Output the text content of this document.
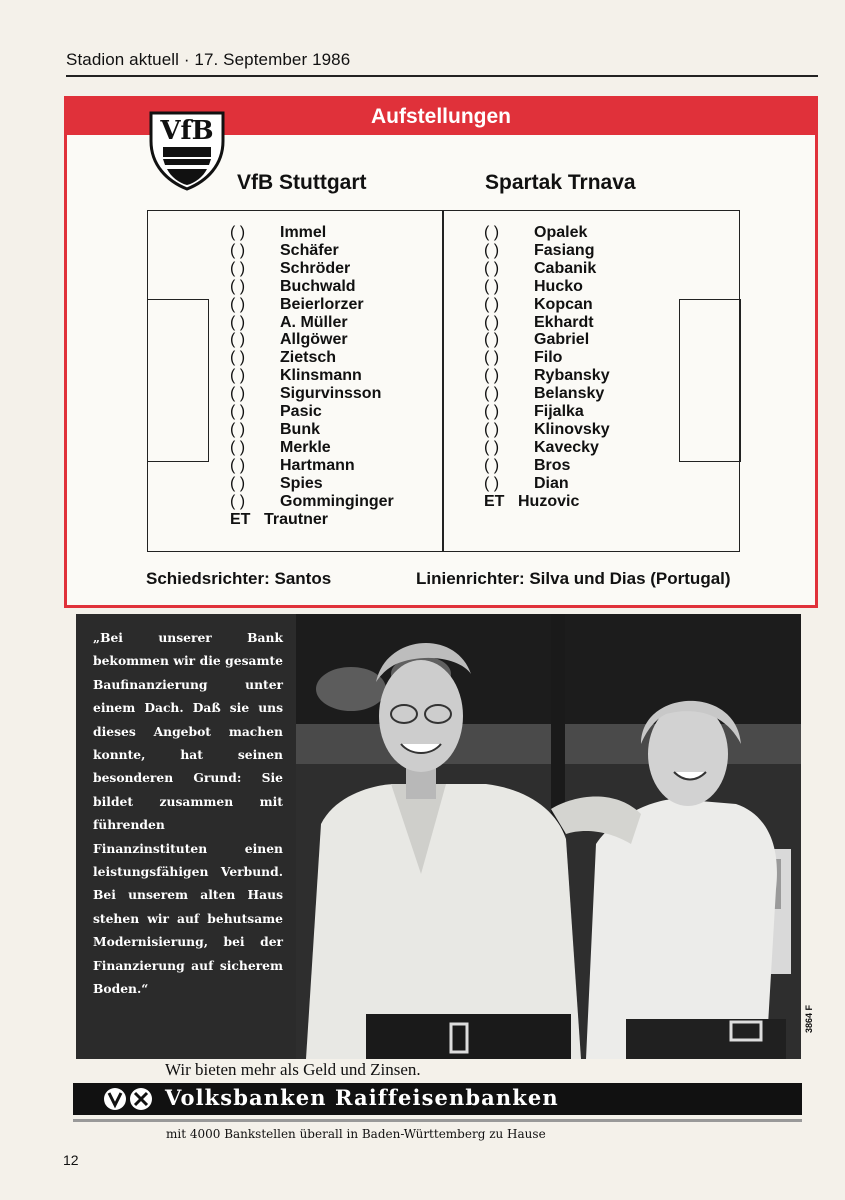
Stadion aktuell · 17. September 1986
Aufstellungen
VfB
VfB Stuttgart	Spartak Trnava
( )	Immel
( )	Schäfer
( )	Schröder
( )	Buchwald
( )	Beierlorzer
( )	A. Müller
( )	Allgöwer
( )	Zietsch
( )	Klinsmann
( )	Sigurvinsson
( )	Pasic
( )	Bunk
( )	Merkle
( )	Hartmann
( )	Spies
( )	Gomminginger
ET Trautner
( )	Opalek
( )	Fasiang
( )	Cabanik
( )	Hucko
( )	Kopcan
( )	Ekhardt
( )	Gabriel
( )	Filo
( )	Rybansky
( )	Belansky
( )	Fijalka
( )	Klinovsky
( )	Kavecky
( )	Bros
( )	Dian
ET Huzovic
Schiedsrichter: Santos	Linienrichter: Silva und Dias (Portugal)

„Bei unserer Bank bekommen wir die gesamte Baufinanzierung unter einem Dach. Daß sie uns dieses Angebot machen konnte, hat seinen besonderen Grund: Sie bildet zusammen mit führenden Finanzinstituten einen leistungsfähigen Verbund. Bei unserem alten Haus stehen wir auf behutsame Modernisierung, bei der Finanzierung auf sicherem Boden.“

3864 F
Wir bieten mehr als Geld und Zinsen.
Volksbanken Raiffeisenbanken
mit 4000 Bankstellen überall in Baden-Württemberg zu Hause
12
